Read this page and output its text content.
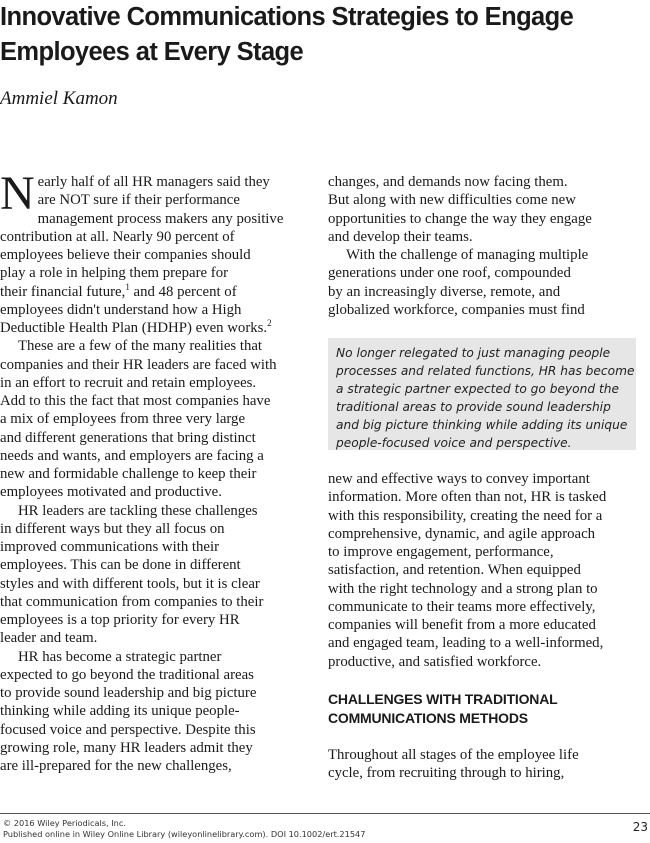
Innovative Communications Strategies to Engage
Employees at Every Stage
Ammiel Kamon

N early half of all HR managers said they
are NOT sure if their performance
management process makers any positive
contribution at all. Nearly 90 percent of
employees believe their companies should
play a role in helping them prepare for
their financial future,$^1$ and 48 percent of
employees didn't understand how a High
Deductible Health Plan (HDHP) even works.$^2$

These are a few of the many realities that
companies and their HR leaders are faced with
in an effort to recruit and retain employees.
Add to this the fact that most companies have
a mix of employees from three very large
and different generations that bring distinct
needs and wants, and employers are facing a
new and formidable challenge to keep their
employees motivated and productive.

HR leaders are tackling these challenges
in different ways but they all focus on
improved communications with their
employees. This can be done in different
styles and with different tools, but it is clear
that communication from companies to their
employees is a top priority for every HR
leader and team.

HR has become a strategic partner
expected to go beyond the traditional areas
to provide sound leadership and big picture
thinking while adding its unique people-
focused voice and perspective. Despite this
growing role, many HR leaders admit they
are ill-prepared for the new challenges,

changes, and demands now facing them.
But along with new difficulties come new
opportunities to change the way they engage
and develop their teams.

With the challenge of managing multiple
generations under one roof, compounded
by an increasingly diverse, remote, and
globalized workforce, companies must find

No longer relegated to just managing people
processes and related functions, HR has become
a strategic partner expected to go beyond the
traditional areas to provide sound leadership
and big picture thinking while adding its unique
people-focused voice and perspective.

new and effective ways to convey important
information. More often than not, HR is tasked
with this responsibility, creating the need for a
comprehensive, dynamic, and agile approach
to improve engagement, performance,
satisfaction, and retention. When equipped
with the right technology and a strong plan to
communicate to their teams more effectively,
companies will benefit from a more educated
and engaged team, leading to a well-informed,
productive, and satisfied workforce.

CHALLENGES WITH TRADITIONAL
COMMUNICATIONS METHODS

Throughout all stages of the employee life
cycle, from recruiting through to hiring,

© 2016 Wiley Periodicals, Inc.
Published online in Wiley Online Library (wileyonlinelibrary.com). DOI 10.1002/ert.21547	23
